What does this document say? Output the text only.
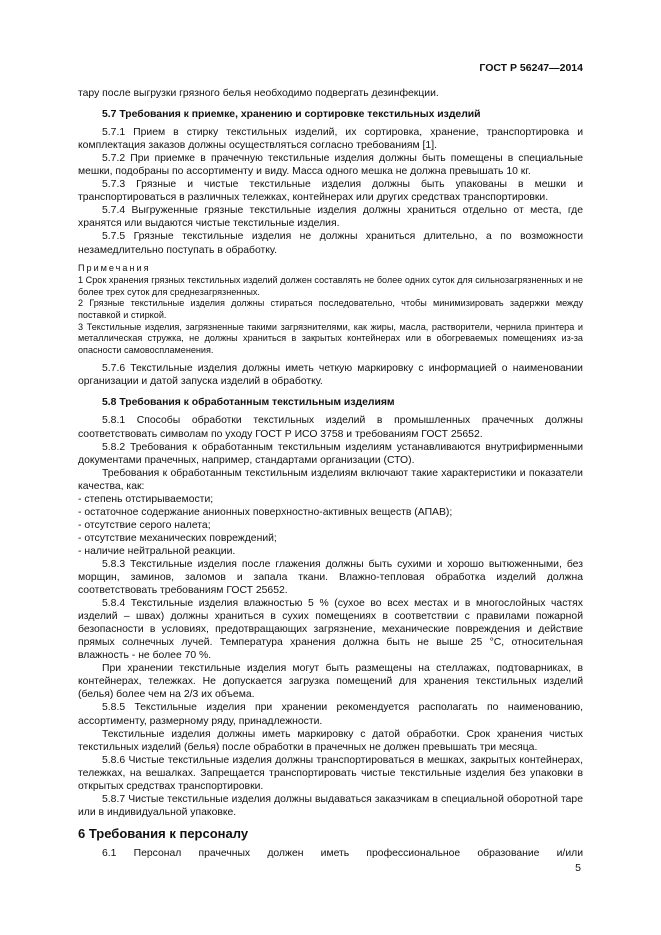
ГОСТ Р 56247—2014

тару после выгрузки грязного белья необходимо подвергать дезинфекции.

5.7 Требования к приемке, хранению и сортировке текстильных изделий

5.7.1 Прием в стирку текстильных изделий, их сортировка, хранение, транспортировка и комплектация заказов должны осуществляться согласно требованиям [1].

5.7.2 При приемке в прачечную текстильные изделия должны быть помещены в специальные мешки, подобраны по ассортименту и виду. Масса одного мешка не должна превышать 10 кг.

5.7.3 Грязные и чистые текстильные изделия должны быть упакованы в мешки и транспортироваться в различных тележках, контейнерах или других средствах транспортировки.

5.7.4 Выгруженные грязные текстильные изделия должны храниться отдельно от места, где хранятся или выдаются чистые текстильные изделия.

5.7.5 Грязные текстильные изделия не должны храниться длительно, а по возможности незамедлительно поступать в обработку.

Примечания

1 Срок хранения грязных текстильных изделий должен составлять не более одних суток для сильнозагрязненных и не более трех суток для среднезагрязненных.

2 Грязные текстильные изделия должны стираться последовательно, чтобы минимизировать задержки между поставкой и стиркой.

3 Текстильные изделия, загрязненные такими загрязнителями, как жиры, масла, растворители, чернила принтера и металлическая стружка, не должны храниться в закрытых контейнерах или в обогреваемых помещениях из-за опасности самовоспламенения.

5.7.6 Текстильные изделия должны иметь четкую маркировку с информацией о наименовании организации и датой запуска изделий в обработку.

5.8 Требования к обработанным текстильным изделиям

5.8.1 Способы обработки текстильных изделий в промышленных прачечных должны соответствовать символам по уходу ГОСТ Р ИСО 3758 и требованиям ГОСТ 25652.

5.8.2 Требования к обработанным текстильным изделиям устанавливаются внутрифирменными документами прачечных, например, стандартами организации (СТО).

Требования к обработанным текстильным изделиям включают такие характеристики и показатели качества, как:

- степень отстирываемости;

- остаточное содержание анионных поверхностно-активных веществ (АПАВ);

- отсутствие серого налета;

- отсутствие механических повреждений;

- наличие нейтральной реакции.

5.8.3 Текстильные изделия после глажения должны быть сухими и хорошо вытюженными, без морщин, заминов, заломов и запала ткани. Влажно-тепловая обработка изделий должна соответствовать требованиям ГОСТ 25652.

5.8.4 Текстильные изделия влажностью 5 % (сухое во всех местах и в многослойных частях изделий – швах) должны храниться в сухих помещениях в соответствии с правилами пожарной безопасности в условиях, предотвращающих загрязнение, механические повреждения и действие прямых солнечных лучей. Температура хранения должна быть не выше 25 °С, относительная влажность - не более 70 %.

При хранении текстильные изделия могут быть размещены на стеллажах, подтоварниках, в контейнерах, тележках. Не допускается загрузка помещений для хранения текстильных изделий (белья) более чем на 2/3 их объема.

5.8.5 Текстильные изделия при хранении рекомендуется располагать по наименованию, ассортименту, размерному ряду, принадлежности.

Текстильные изделия должны иметь маркировку с датой обработки. Срок хранения чистых текстильных изделий (белья) после обработки в прачечных не должен превышать три месяца.

5.8.6 Чистые текстильные изделия должны транспортироваться в мешках, закрытых контейнерах, тележках, на вешалках. Запрещается транспортировать чистые текстильные изделия без упаковки в открытых средствах транспортировки.

5.8.7 Чистые текстильные изделия должны выдаваться заказчикам в специальной оборотной таре или в индивидуальной упаковке.

6 Требования к персоналу

6.1 Персонал прачечных должен иметь профессиональное образование и/или

5
